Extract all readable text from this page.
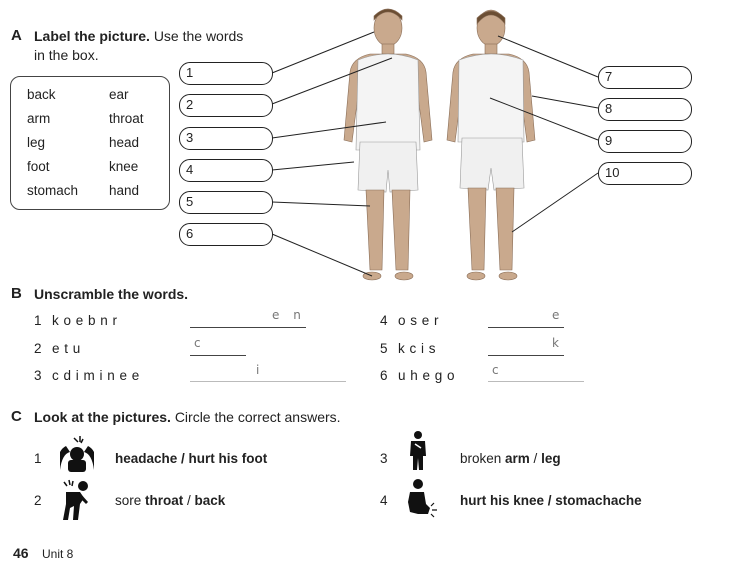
A Label the picture. Use the words
in the box.
back	ear
arm	throat
leg	head
foot	knee
stomach hand
1
2
3
4
5
6
7
8
9
10
B Unscramble the words.
1 k o e b n r	e n
2 e t u	c
3 c d i m i n e e	i
4 o s e r	e
5 k c i s	k
6 u h e g o	c
C Look at the pictures. Circle the correct answers.
1	headache / hurt his foot
2	sore throat / back
3	broken arm / leg
4	hurt his knee / stomachache
46 Unit 8
